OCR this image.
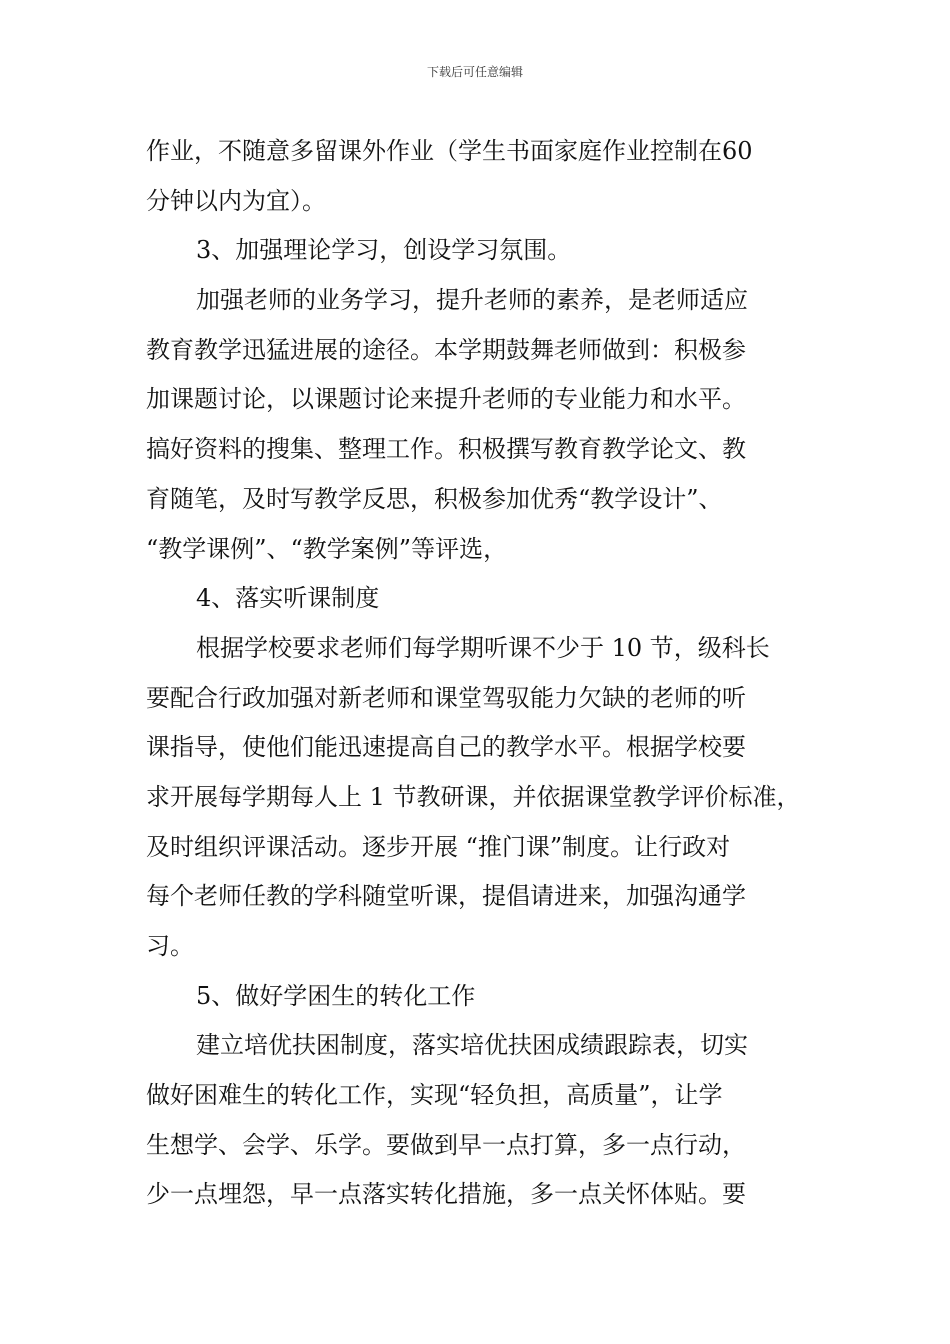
下载后可任意编辑
作业，不随意多留课外作业（学生书面家庭作业控制在60
分钟以内为宜）。
3、加强理论学习，创设学习氛围。
加强老师的业务学习，提升老师的素养，是老师适应
教育教学迅猛进展的途径。本学期鼓舞老师做到：积极参
加课题讨论，以课题讨论来提升老师的专业能力和水平。
搞好资料的搜集、整理工作。积极撰写教育教学论文、教
育随笔，及时写教学反思，积极参加优秀“教学设计”、
“教学课例”、“教学案例”等评选，
4、落实听课制度
根据学校要求老师们每学期听课不少于 10 节，级科长
要配合行政加强对新老师和课堂驾驭能力欠缺的老师的听
课指导，使他们能迅速提高自己的教学水平。根据学校要
求开展每学期每人上 1 节教研课，并依据课堂教学评价标准，
及时组织评课活动。逐步开展 “推门课”制度。让行政对
每个老师任教的学科随堂听课，提倡请进来，加强沟通学
习。
5、做好学困生的转化工作
建立培优扶困制度，落实培优扶困成绩跟踪表，切实
做好困难生的转化工作，实现“轻负担，高质量”，让学
生想学、会学、乐学。要做到早一点打算，多一点行动，
少一点埋怨，早一点落实转化措施，多一点关怀体贴。要
